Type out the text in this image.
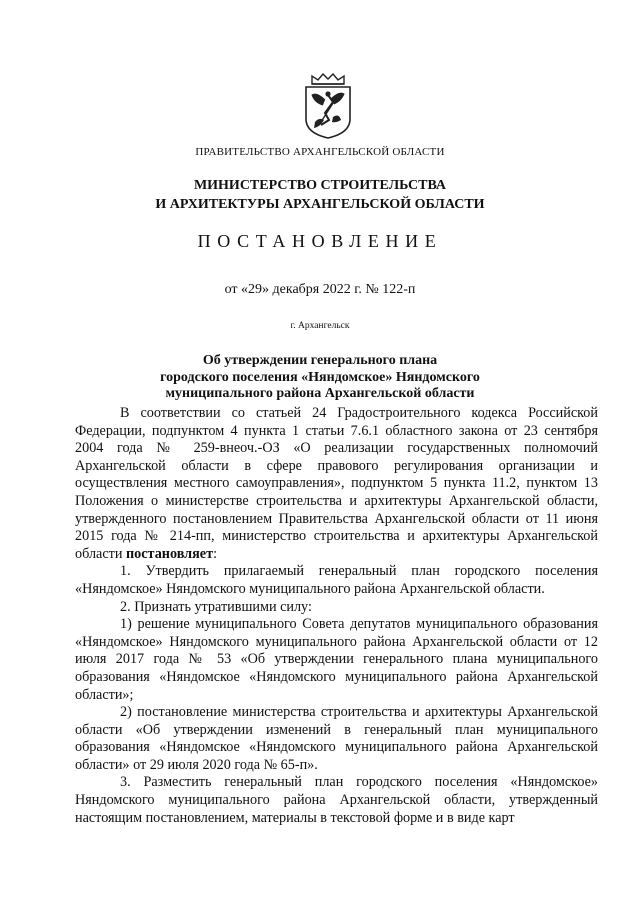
ПРАВИТЕЛЬСТВО АРХАНГЕЛЬСКОЙ ОБЛАСТИ
МИНИСТЕРСТВО СТРОИТЕЛЬСТВА
И АРХИТЕКТУРЫ АРХАНГЕЛЬСКОЙ ОБЛАСТИ
ПОСТАНОВЛЕНИЕ
от «29» декабря 2022 г. № 122-п
г. Архангельск
Об утверждении генерального плана
городского поселения «Няндомское» Няндомского
муниципального района Архангельской области

В соответствии со статьей 24 Градостроительного кодекса Российской Федерации, подпунктом 4 пункта 1 статьи 7.6.1 областного закона от 23 сентября 2004 года № 259-внеоч.-ОЗ «О реализации государственных полномочий Архангельской области в сфере правового регулирования организации и осуществления местного самоуправления», подпунктом 5 пункта 11.2, пунктом 13 Положения о министерстве строительства и архитектуры Архангельской области, утвержденного постановлением Правительства Архангельской области от 11 июня 2015 года № 214-пп, министерство строительства и архитектуры Архангельской области постановляет:

1. Утвердить прилагаемый генеральный план городского поселения «Няндомское» Няндомского муниципального района Архангельской области.

2. Признать утратившими силу:

1) решение муниципального Совета депутатов муниципального образования «Няндомское» Няндомского муниципального района Архангельской области от 12 июля 2017 года № 53 «Об утверждении генерального плана муниципального образования «Няндомское «Няндомского муниципального района Архангельской области»;

2) постановление министерства строительства и архитектуры Архангельской области «Об утверждении изменений в генеральный план муниципального образования «Няндомское «Няндомского муниципального района Архангельской области» от 29 июля 2020 года № 65-п».

3. Разместить генеральный план городского поселения «Няндомское» Няндомского муниципального района Архангельской области, утвержденный настоящим постановлением, материалы в текстовой форме и в виде карт
